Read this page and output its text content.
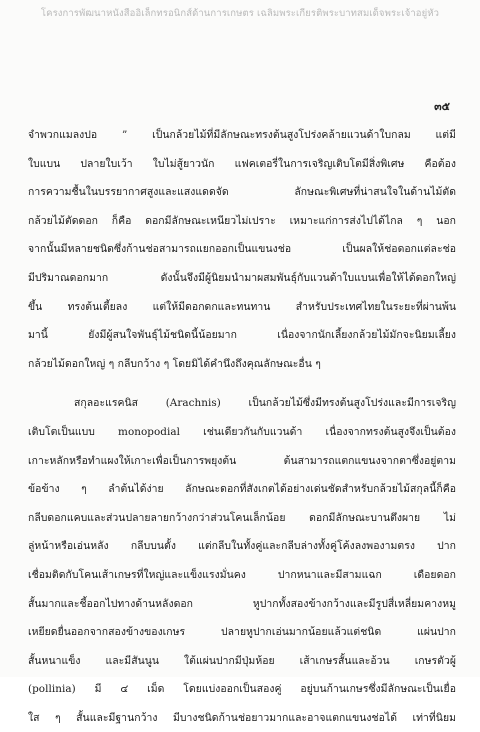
โครงการพัฒนาหนังสืออิเล็กทรอนิกส์ด้านการเกษตร เฉลิมพระเกียรติพระบาทสมเด็จพระเจ้าอยู่หัว
๓๕
จำพวกแมลงปอ ” เป็นกล้วยไม้ที่มีลักษณะทรงต้นสูงโปร่งคล้ายแวนด้าใบกลม แต่มี
ใบแบน ปลายใบเว้า ใบไม่สู้ยาวนัก แฟคเตอรี่ในการเจริญเติบโตมีสิ่งพิเศษ คือต้อง
การความชื้นในบรรยากาศสูงและแสงแดดจัด ลักษณะพิเศษที่น่าสนใจในด้านไม้ตัด
กล้วยไม้ตัดดอก ก็คือ ดอกมีลักษณะเหนียวไม่เปราะ เหมาะแก่การส่งไปได้ไกล ๆ นอก
จากนั้นมีหลายชนิดซึ่งก้านช่อสามารถแยกออกเป็นแขนงช่อ เป็นผลให้ช่อดอกแต่ละช่อ
มีปริมาณดอกมาก ดังนั้นจึงมีผู้นิยมนำมาผสมพันธุ์กับแวนด้าใบแบนเพื่อให้ได้ดอกใหญ่
ขึ้น ทรงต้นเตี้ยลง แต่ให้มีดอกดกและทนทาน สำหรับประเทศไทยในระยะที่ผ่านพ้น
มานี้ ยังมีผู้สนใจพันธุ์ไม้ชนิดนี้น้อยมาก เนื่องจากนักเลี้ยงกล้วยไม้มักจะนิยมเลี้ยง
กล้วยไม้ดอกใหญ่ ๆ กลีบกว้าง ๆ โดยมิได้คำนึงถึงคุณลักษณะอื่น ๆ
สกุลอะแรคนิส (Arachnis) เป็นกล้วยไม้ซึ่งมีทรงต้นสูงโปร่งและมีการเจริญ
เติบโตเป็นแบบ monopodial เช่นเดียวกันกับแวนด้า เนื่องจากทรงต้นสูงจึงเป็นต้อง
เกาะหลักหรือทำแผงให้เกาะเพื่อเป็นการพยุงต้น ต้นสามารถแตกแขนงจากตาซึ่งอยู่ตาม
ข้อข้าง ๆ ลำต้นได้ง่าย ลักษณะดอกที่สังเกตได้อย่างเด่นชัดสำหรับกล้วยไม้สกุลนี้ก็คือ
กลีบดอกแคบและส่วนปลายลายกว้างกว่าส่วนโคนเล็กน้อย ดอกมีลักษณะบานตึงผาย ไม่
ลู่หน้าหรือเอ่นหลัง กลีบบนตั้ง แต่กลีบในทั้งคู่และกลีบล่างทั้งคู่โค้งลงพองามตรง ปาก
เชื่อมติดกับโคนเส้าเกษรที่ใหญ่และแข็งแรงมั่นคง ปากหนาและมีสามแฉก เดือยดอก
สั้นมากและชี้ออกไปทางด้านหลังดอก หูปากทั้งสองข้างกว้างและมีรูปสี่เหลี่ยมคางหมู
เหยียดยื่นออกจากสองข้างของเกษร ปลายหูปากเอ่นมากน้อยแล้วแต่ชนิด แผ่นปาก
สั้นหนาแข็ง และมีสันนูน ใต้แผ่นปากมีปุ่มห้อย เส้าเกษรสั้นและอ้วน เกษรตัวผู้
(pollinia) มี ๔ เม็ด โดยแบ่งออกเป็นสองคู่ อยู่บนก้านเกษรซึ่งมีลักษณะเป็นเยื่อ
ใส ๆ สั้นและมีฐานกว้าง มีบางชนิดก้านช่อยาวมากและอาจแตกแขนงช่อได้ เท่าที่นิยม
